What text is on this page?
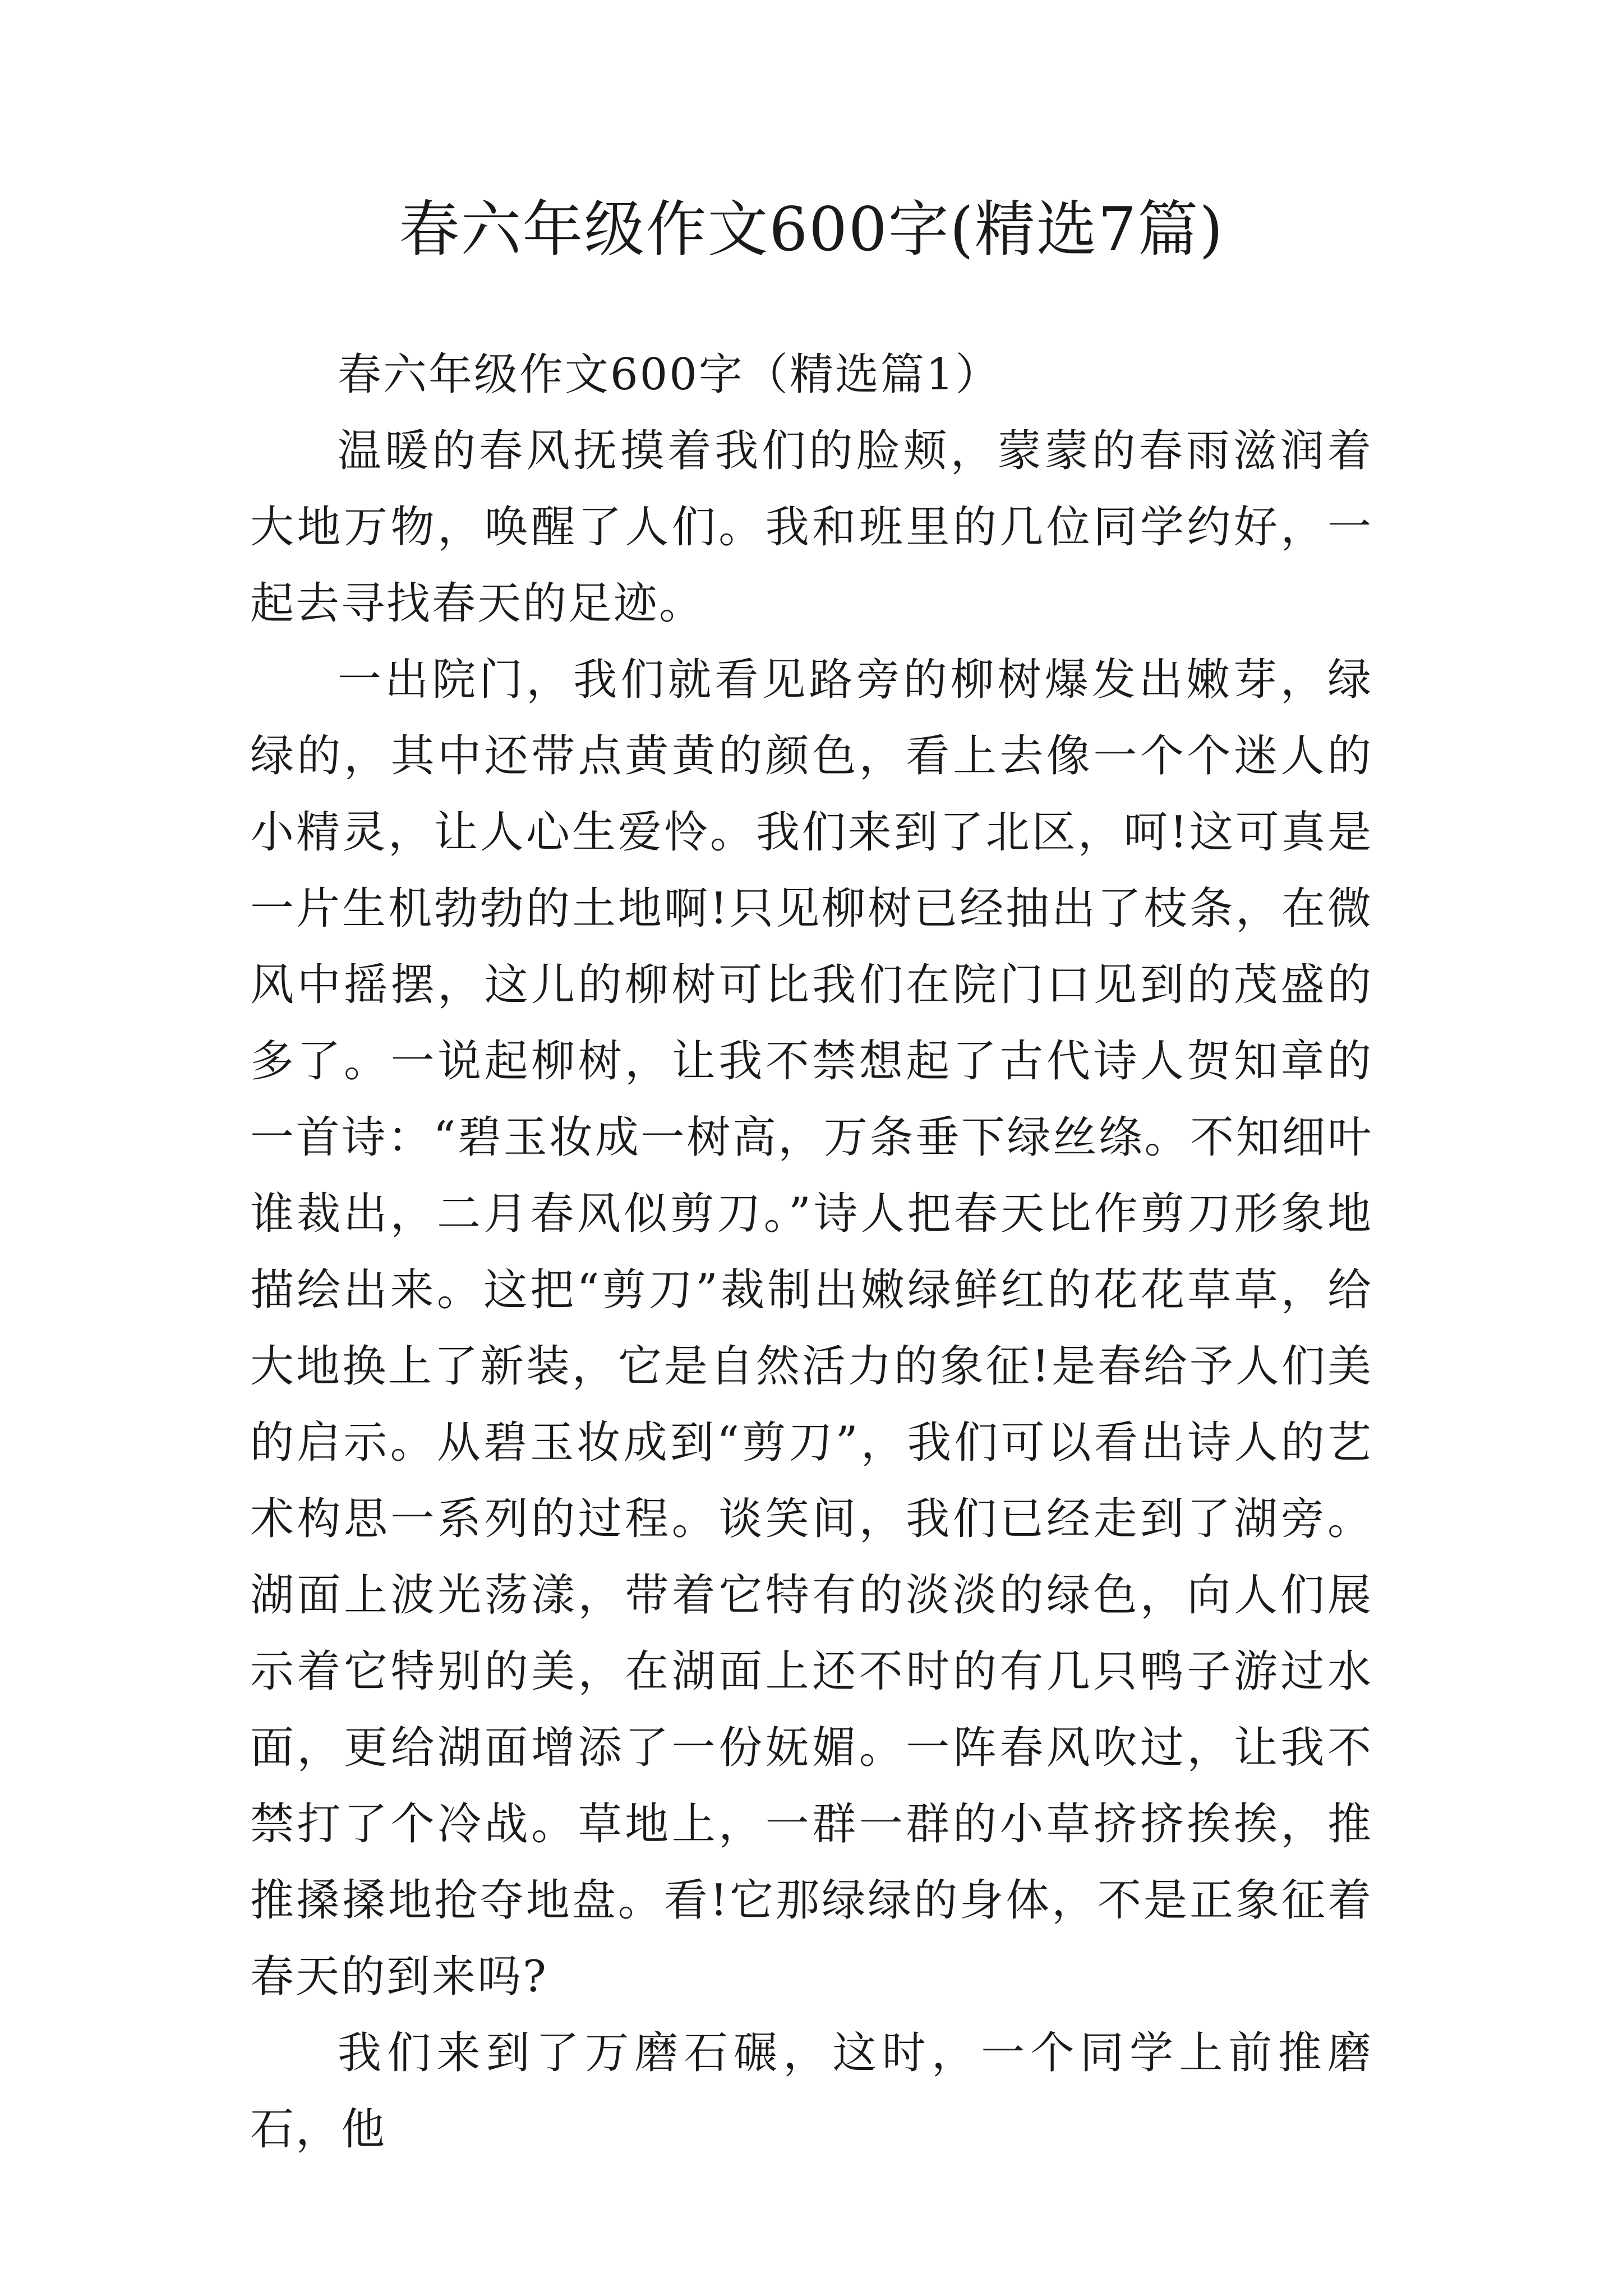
春六年级作文600字(精选7篇)

春六年级作文600字（精选篇1）

温暖的春风抚摸着我们的脸颊，蒙蒙的春雨滋润着大地万物，唤醒了人们。我和班里的几位同学约好，一起去寻找春天的足迹。

一出院门，我们就看见路旁的柳树爆发出嫩芽，绿绿的，其中还带点黄黄的颜色，看上去像一个个迷人的小精灵，让人心生爱怜。我们来到了北区，呵!这可真是一片生机勃勃的土地啊!只见柳树已经抽出了枝条，在微风中摇摆，这儿的柳树可比我们在院门口见到的茂盛的多了。一说起柳树，让我不禁想起了古代诗人贺知章的一首诗：“碧玉妆成一树高，万条垂下绿丝绦。不知细叶谁裁出，二月春风似剪刀。”诗人把春天比作剪刀形象地描绘出来。这把“剪刀”裁制出嫩绿鲜红的花花草草，给大地换上了新装，它是自然活力的象征!是春给予人们美的启示。从碧玉妆成到“剪刀”，我们可以看出诗人的艺术构思一系列的过程。谈笑间，我们已经走到了湖旁。湖面上波光荡漾，带着它特有的淡淡的绿色，向人们展示着它特别的美，在湖面上还不时的有几只鸭子游过水面，更给湖面增添了一份妩媚。一阵春风吹过，让我不禁打了个冷战。草地上，一群一群的小草挤挤挨挨，推推搡搡地抢夺地盘。看!它那绿绿的身体，不是正象征着春天的到来吗?

我们来到了万磨石碾，这时，一个同学上前推磨石，他
